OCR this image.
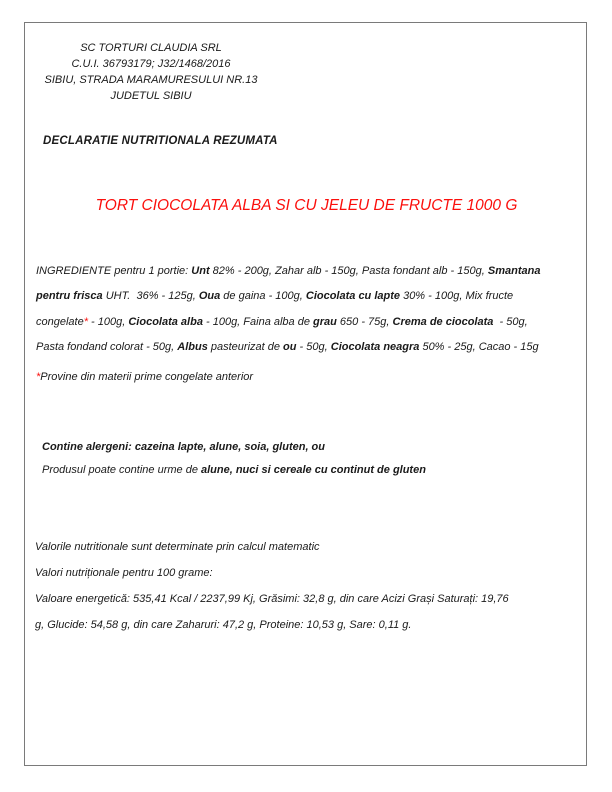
SC TORTURI CLAUDIA SRL
C.U.I. 36793179; J32/1468/2016
SIBIU, STRADA MARAMURESULUI NR.13
JUDETUL SIBIU
DECLARATIE NUTRITIONALA REZUMATA
TORT CIOCOLATA ALBA SI CU JELEU DE FRUCTE 1000 G
INGREDIENTE pentru 1 portie: Unt 82% - 200g, Zahar alb - 150g, Pasta fondant alb - 150g, Smantana
pentru frisca UHT.  36% - 125g, Oua de gaina - 100g, Ciocolata cu lapte 30% - 100g, Mix fructe
congelate* - 100g, Ciocolata alba - 100g, Faina alba de grau 650 - 75g, Crema de ciocolata  - 50g,
Pasta fondand colorat - 50g, Albus pasteurizat de ou - 50g, Ciocolata neagra 50% - 25g, Cacao - 15g
*Provine din materii prime congelate anterior
Contine alergeni: cazeina lapte, alune, soia, gluten, ou
Produsul poate contine urme de alune, nuci si cereale cu continut de gluten
Valorile nutritionale sunt determinate prin calcul matematic
Valori nutriționale pentru 100 grame:
Valoare energetică: 535,41 Kcal / 2237,99 Kj, Grăsimi: 32,8 g, din care Acizi Grași Saturați: 19,76
g, Glucide: 54,58 g, din care Zaharuri: 47,2 g, Proteine: 10,53 g, Sare: 0,11 g.
